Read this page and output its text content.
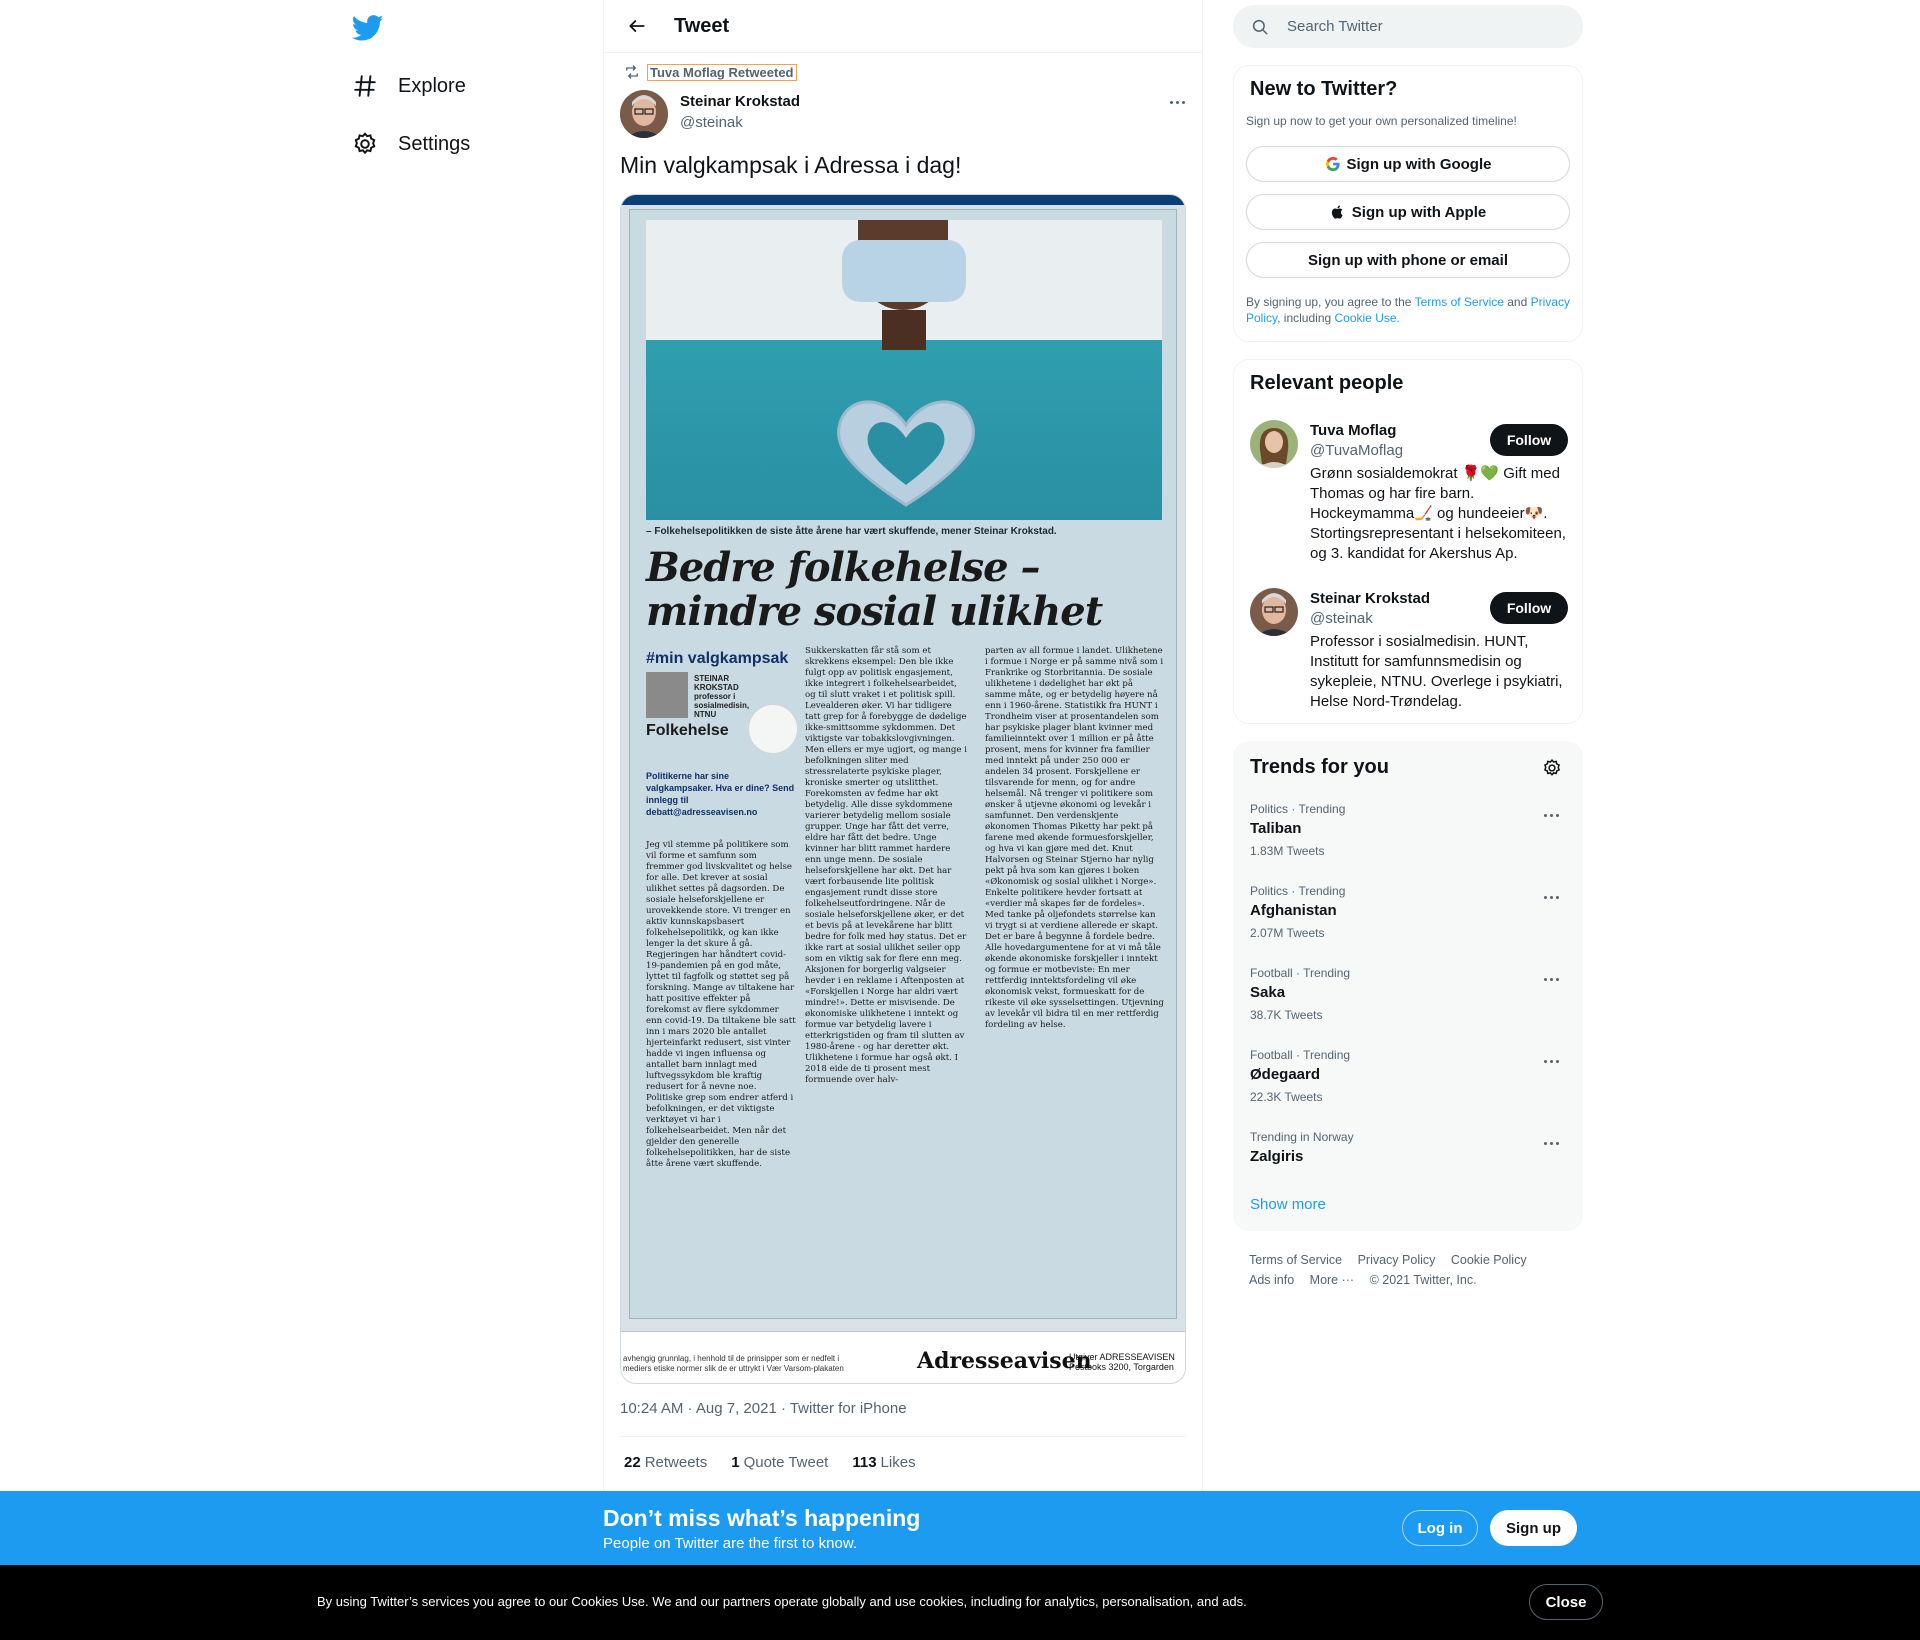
Explore
Settings
Tweet
Tuva Moflag Retweeted
Steinar Krokstad
@steinak
Min valgkampsak i Adressa i dag!
– Folkehelsepolitikken de siste åtte årene har vært skuffende, mener Steinar Krokstad.
Bedre folkehelse – mindre sosial ulikhet
#min valgkampsak
STEINAR KROKSTAD professor i sosialmedisin, NTNU
Folkehelse
Politikerne har sine valgkampsaker. Hva er dine? Send innlegg til debatt@adresseavisen.no
Jeg vil stemme på politikere som vil forme et samfunn som fremmer god livskvalitet og helse for alle. Det krever at sosial ulikhet settes på dagsorden. De sosiale helseforskjellene er urovekkende store. Vi trenger en aktiv kunnskapsbasert folkehelsepolitikk, og kan ikke lenger la det skure å gå. Regjeringen har håndtert covid-19-pandemien på en god måte, lyttet til fagfolk og støttet seg på forskning. Mange av tiltakene har hatt positive effekter på forekomst av flere sykdommer enn covid-19. Da tiltakene ble satt inn i mars 2020 ble antallet hjerteinfarkt redusert, sist vinter hadde vi ingen influensa og antallet barn innlagt med luftvegssykdom ble kraftig redusert for å nevne noe. Politiske grep som endrer atferd i befolkningen, er det viktigste verktøyet vi har i folkehelsearbeidet. Men når det gjelder den generelle folkehelsepolitikken, har de siste åtte årene vært skuffende.
Sukkerskatten får stå som et skrekkens eksempel: Den ble ikke fulgt opp av politisk engasjement, ikke integrert i folkehelsearbeidet, og til slutt vraket i et politisk spill. Levealderen øker. Vi har tidligere tatt grep for å forebygge de dødelige ikke-smittsomme sykdommen. Det viktigste var tobakkslovgivningen. Men ellers er mye ugjort, og mange i befolkningen sliter med stressrelaterte psykiske plager, kroniske smerter og utslitthet. Forekomsten av fedme har økt betydelig. Alle disse sykdommene varierer betydelig mellom sosiale grupper. Unge har fått det verre, eldre har fått det bedre. Unge kvinner har blitt rammet hardere enn unge menn. De sosiale helseforskjellene har økt. Det har vært forbausende lite politisk engasjement rundt disse store folkehelseutfordringene. Når de sosiale helseforskjellene øker, er det et bevis på at levekårene har blitt bedre for folk med høy status. Det er ikke rart at sosial ulikhet seiler opp som en viktig sak for flere enn meg. Aksjonen for borgerlig valgseier hevder i en reklame i Aftenposten at «Forskjellen i Norge har aldri vært mindre!». Dette er misvisende. De økonomiske ulikhetene i inntekt og formue var betydelig lavere i etterkrigstiden og fram til slutten av 1980-årene - og har deretter økt. Ulikhetene i formue har også økt. I 2018 eide de ti prosent mest formuende over halv-
parten av all formue i landet. Ulikhetene i formue i Norge er på samme nivå som i Frankrike og Storbritannia. De sosiale ulikhetene i dødelighet har økt på samme måte, og er betydelig høyere nå enn i 1960-årene. Statistikk fra HUNT i Trondheim viser at prosentandelen som har psykiske plager blant kvinner med familieinntekt over 1 million er på åtte prosent, mens for kvinner fra familier med inntekt på under 250 000 er andelen 34 prosent. Forskjellene er tilsvarende for menn, og for andre helsemål. Nå trenger vi politikere som ønsker å utjevne økonomi og levekår i samfunnet. Den verdenskjente økonomen Thomas Piketty har pekt på farene med økende formuesforskjeller, og hva vi kan gjøre med det. Knut Halvorsen og Steinar Stjerno har nylig pekt på hva som kan gjøres i boken «Økonomisk og sosial ulikhet i Norge». Enkelte politikere hevder fortsatt at «verdier må skapes før de fordeles». Med tanke på oljefondets størrelse kan vi trygt si at verdiene allerede er skapt. Det er bare å begynne å fordele bedre. Alle hovedargumentene for at vi må tåle økende økonomiske forskjeller i inntekt og formue er motbeviste: En mer rettferdig inntektsfordeling vil øke økonomisk vekst, formueskatt for de rikeste vil øke sysselsettingen. Utjevning av levekår vil bidra til en mer rettferdig fordeling av helse.
avhengig grunnlag, i henhold til de prinsipper som er nedfelt i mediers etiske normer slik de er uttrykt i Vær Varsom-plakaten	Adresseavisen
Utgiver ADRESSEAVISEN Postboks 3200, Torgarden
10:24 AM · Aug 7, 2021 · Twitter for iPhone
22 Retweets 1 Quote Tweet 113 Likes
Search Twitter
New to Twitter?
Sign up now to get your own personalized timeline!
Sign up with Google
Sign up with Apple
Sign up with phone or email
By signing up, you agree to the Terms of Service and Privacy Policy, including Cookie Use.
Relevant people
Tuva Moflag
@TuvaMoflag
Follow
Grønn sosialdemokrat 🌹💚 Gift med Thomas og har fire barn. Hockeymamma🏒 og hundeeier🐶. Stortingsrepresentant i helsekomiteen, og 3. kandidat for Akershus Ap.
Steinar Krokstad
@steinak
Follow
Professor i sosialmedisin. HUNT, Institutt for samfunnsmedisin og sykepleie, NTNU. Overlege i psykiatri, Helse Nord-Trøndelag.
Trends for you
Politics · Trending
Taliban
1.83M Tweets
Politics · Trending
Afghanistan
2.07M Tweets
Football · Trending
Saka
38.7K Tweets
Football · Trending
Ødegaard
22.3K Tweets
Trending in Norway
Zalgiris
Show more
Terms of Service Privacy Policy Cookie Policy
Ads info More ··· © 2021 Twitter, Inc.
Don’t miss what’s happening
People on Twitter are the first to know.
Log in	Sign up
By using Twitter’s services you agree to our Cookies Use. We and our partners operate globally and use cookies, including for analytics, personalisation, and ads.	Close
